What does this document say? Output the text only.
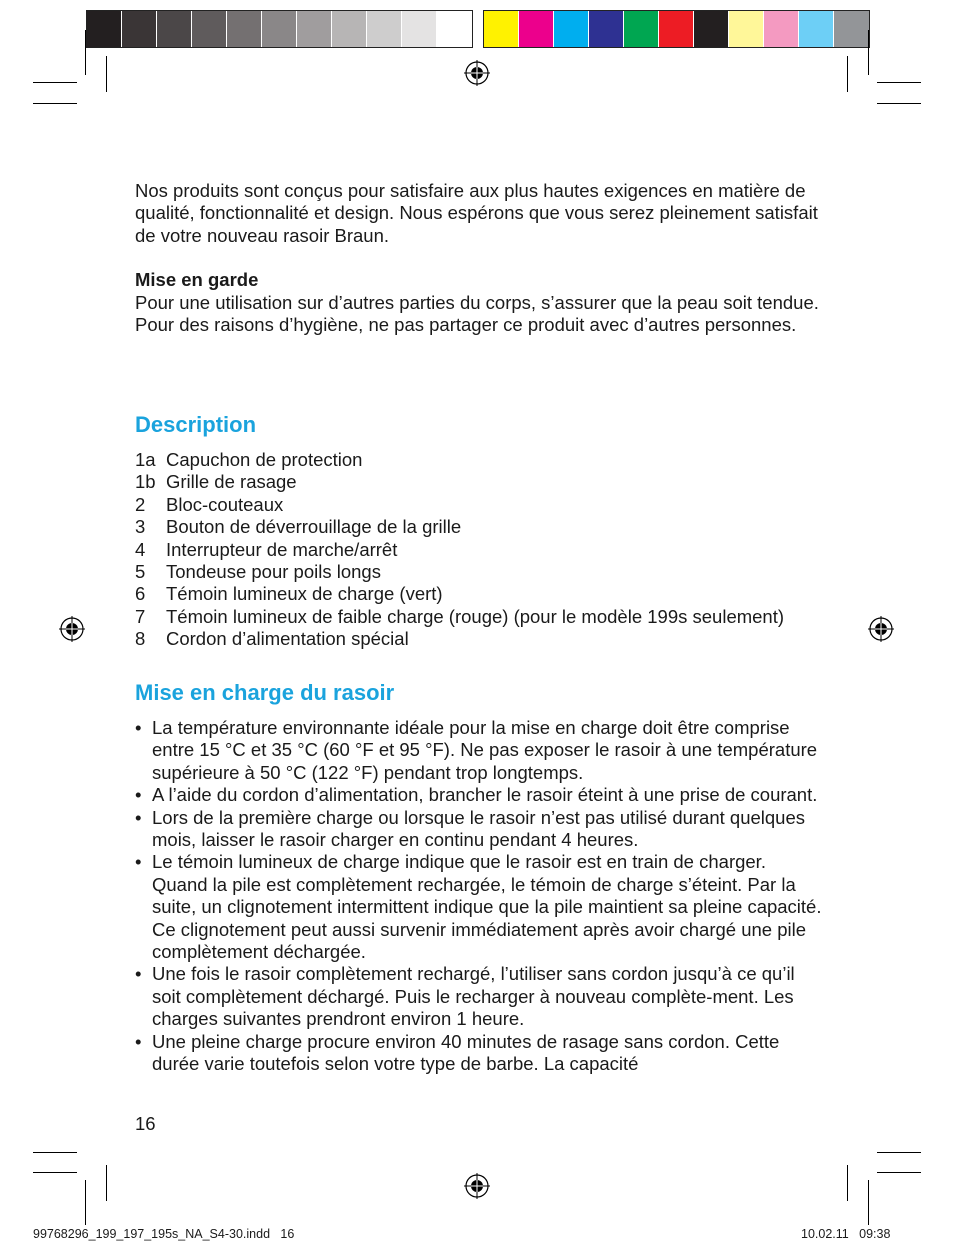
Nos produits sont conçus pour satisfaire aux plus hautes exigences en matière de qualité, fonctionnalité et design. Nous espérons que vous serez pleinement satisfait de votre nouveau rasoir Braun.

Mise en garde

Pour une utilisation sur d’autres parties du corps, s’assurer que la peau soit tendue.

Pour des raisons d’hygiène, ne pas partager ce produit avec d’autres personnes.

Description
1a Capuchon de protection
1b Grille de rasage
2	Bloc-couteaux
3	Bouton de déverrouillage de la grille
4	Interrupteur de marche/arrêt
5	Tondeuse pour poils longs
6	Témoin lumineux de charge (vert)
7	Témoin lumineux de faible charge (rouge) (pour le modèle 199s seulement)
8	Cordon d’alimentation spécial
Mise en charge du rasoir
• La température environnante idéale pour la mise en charge doit être comprise entre 15 °C et 35 °C (60 °F et 95 °F). Ne pas exposer le rasoir à une température supérieure à 50 °C (122 °F) pendant trop longtemps.
• A l’aide du cordon d’alimentation, brancher le rasoir éteint à une prise de courant.
• Lors de la première charge ou lorsque le rasoir n’est pas utilisé durant quelques mois, laisser le rasoir charger en continu pendant 4 heures.
• Le témoin lumineux de charge indique que le rasoir est en train de charger. Quand la pile est complètement rechargée, le témoin de charge s’éteint. Par la suite, un clignotement intermittent indique que la pile maintient sa pleine capacité. Ce clignotement peut aussi survenir immédiatement après avoir chargé une pile complètement déchargée.
• Une fois le rasoir complètement rechargé, l’utiliser sans cordon jusqu’à ce qu’il soit complètement déchargé. Puis le recharger à nouveau complète-ment. Les charges suivantes prendront environ 1 heure.
• Une pleine charge procure environ 40 minutes de rasage sans cordon. Cette durée varie toutefois selon votre type de barbe. La capacité
16
99768296_199_197_195s_NA_S4-30.indd   16	10.02.11   09:38
